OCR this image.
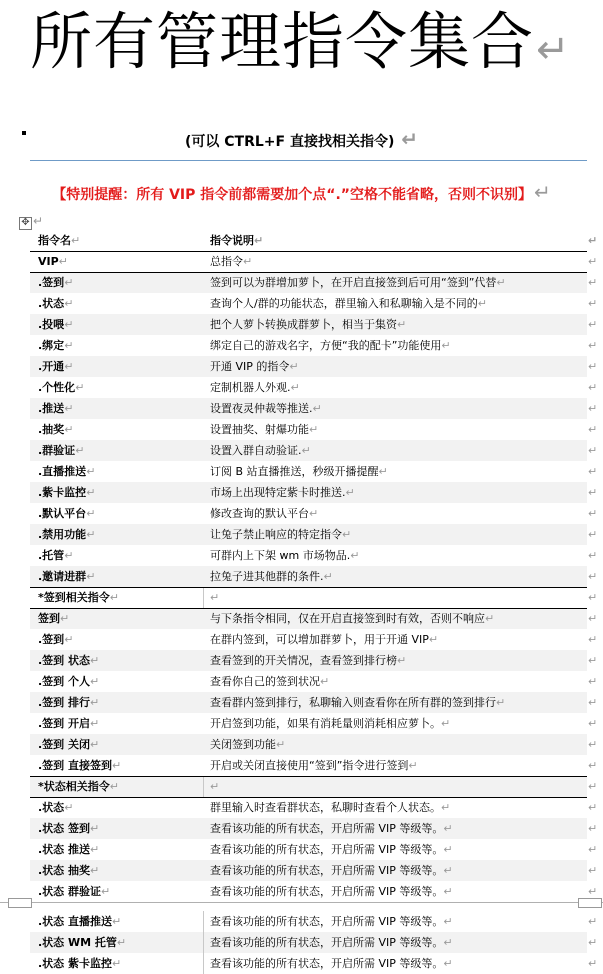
所有管理指令集合↵
(可以 CTRL+F 直接找相关指令) ↵
【特别提醒：所有 VIP 指令前都需要加个点“.”空格不能省略，否则不识别】 ↵
✥ ↵
指令名↵	指令说明↵	↵
VIP↵	总指令↵	↵
.签到↵	签到可以为群增加萝卜，在开启直接签到后可用“签到”代替↵	↵
.状态↵	查询个人/群的功能状态，群里输入和私聊输入是不同的↵	↵
.投喂↵	把个人萝卜转换成群萝卜，相当于集资↵	↵
.绑定↵	绑定自己的游戏名字，方便“我的配卡”功能使用↵	↵
.开通↵	开通 VIP 的指令↵	↵
.个性化↵	定制机器人外观.↵	↵
.推送↵	设置夜灵仲裁等推送.↵	↵
.抽奖↵	设置抽奖、射爆功能↵	↵
.群验证↵	设置入群自动验证.↵	↵
.直播推送↵	订阅 B 站直播推送，秒级开播提醒↵	↵
.紫卡监控↵	市场上出现特定紫卡时推送.↵	↵
.默认平台↵	修改查询的默认平台↵	↵
.禁用功能↵	让兔子禁止响应的特定指令↵	↵
.托管↵	可群内上下架 wm 市场物品.↵	↵
.邀请进群↵	拉兔子进其他群的条件.↵	↵
*签到相关指令↵	↵	↵
签到↵	与下条指令相同，仅在开启直接签到时有效，否则不响应↵	↵
.签到↵	在群内签到，可以增加群萝卜，用于开通 VIP↵	↵
.签到 状态↵	查看签到的开关情况，查看签到排行榜↵	↵
.签到 个人↵	查看你自己的签到状况↵	↵
.签到 排行↵	查看群内签到排行，私聊输入则查看你在所有群的签到排行↵	↵
.签到 开启↵	开启签到功能，如果有消耗量则消耗相应萝卜。↵	↵
.签到 关闭↵	关闭签到功能↵	↵
.签到 直接签到↵	开启或关闭直接使用“签到”指令进行签到↵	↵
*状态相关指令↵	↵	↵
.状态↵	群里输入时查看群状态，私聊时查看个人状态。↵	↵
.状态 签到↵	查看该功能的所有状态，开启所需 VIP 等级等。↵	↵
.状态 推送↵	查看该功能的所有状态，开启所需 VIP 等级等。↵	↵
.状态 抽奖↵	查看该功能的所有状态，开启所需 VIP 等级等。↵	↵
.状态 群验证↵	查看该功能的所有状态，开启所需 VIP 等级等。↵	↵
.状态 直播推送↵	查看该功能的所有状态，开启所需 VIP 等级等。↵	↵
.状态 WM 托管↵	查看该功能的所有状态，开启所需 VIP 等级等。↵	↵
.状态 紫卡监控↵	查看该功能的所有状态，开启所需 VIP 等级等。↵	↵
